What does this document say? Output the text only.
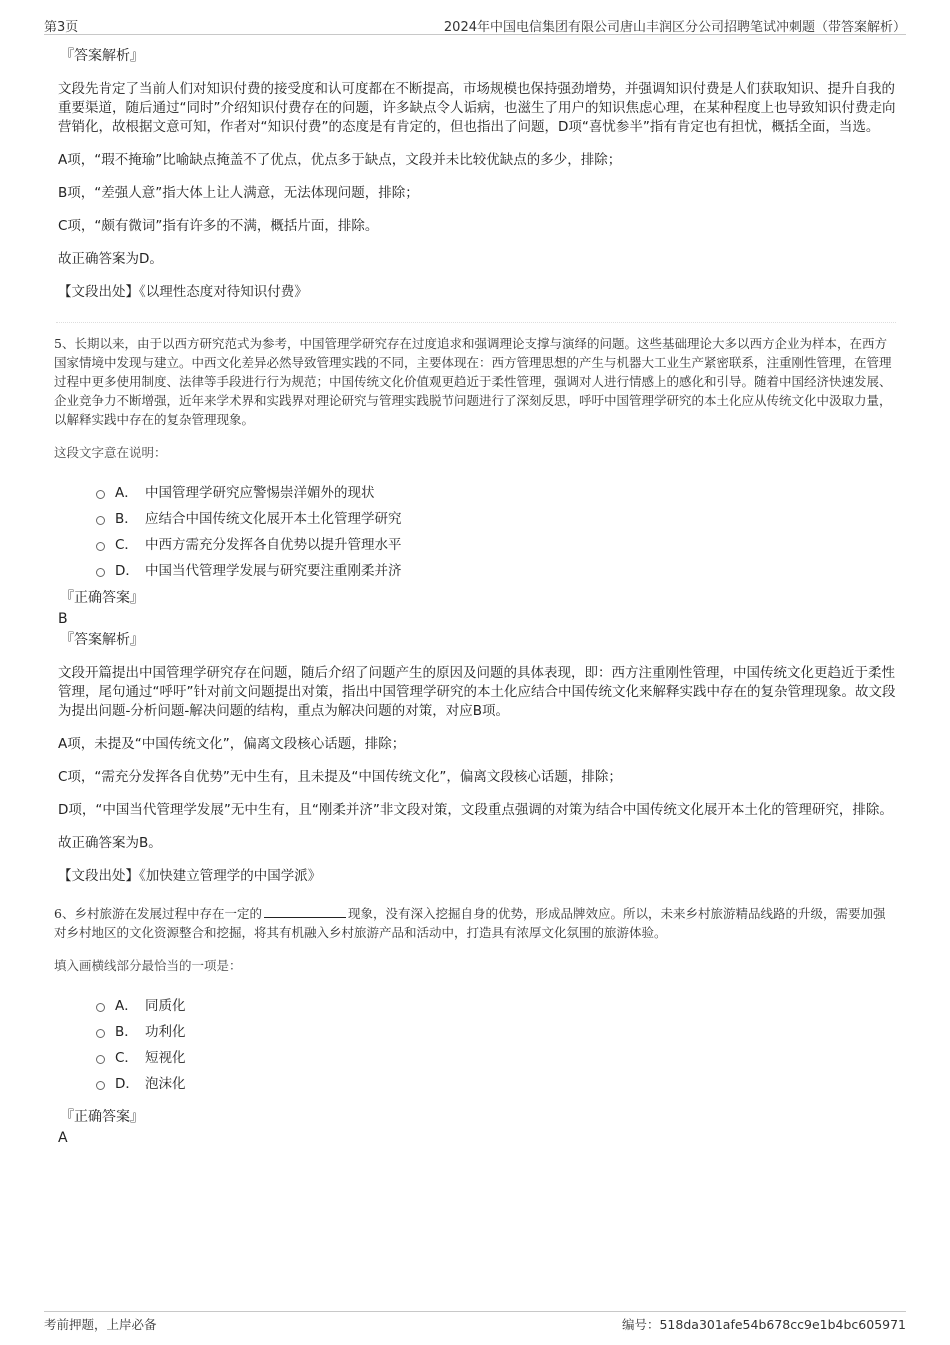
第3页	2024年中国电信集团有限公司唐山丰润区分公司招聘笔试冲刺题（带答案解析）
『答案解析』
文段先肯定了当前人们对知识付费的接受度和认可度都在不断提高，市场规模也保持强劲增势，并强调知识付费是人们获取知识、提升自我的重要渠道，随后通过“同时”介绍知识付费存在的问题，许多缺点令人诟病，也滋生了用户的知识焦虑心理，在某种程度上也导致知识付费走向营销化，故根据文意可知，作者对“知识付费”的态度是有肯定的，但也指出了问题，D项“喜忧参半”指有肯定也有担忧，概括全面，当选。
A项，“瑕不掩瑜”比喻缺点掩盖不了优点，优点多于缺点，文段并未比较优缺点的多少，排除；
B项，“差强人意”指大体上让人满意，无法体现问题，排除；
C项，“颇有微词”指有许多的不满，概括片面，排除。
故正确答案为D。
【文段出处】《以理性态度对待知识付费》
5、长期以来，由于以西方研究范式为参考，中国管理学研究存在过度追求和强调理论支撑与演绎的问题。这些基础理论大多以西方企业为样本，在西方国家情境中发现与建立。中西文化差异必然导致管理实践的不同，主要体现在：西方管理思想的产生与机器大工业生产紧密联系，注重刚性管理，在管理过程中更多使用制度、法律等手段进行行为规范；中国传统文化价值观更趋近于柔性管理，强调对人进行情感上的感化和引导。随着中国经济快速发展、企业竞争力不断增强，近年来学术界和实践界对理论研究与管理实践脱节问题进行了深刻反思，呼吁中国管理学研究的本土化应从传统文化中汲取力量，以解释实践中存在的复杂管理现象。
这段文字意在说明：
A． 中国管理学研究应警惕崇洋媚外的现状
B． 应结合中国传统文化展开本土化管理学研究
C． 中西方需充分发挥各自优势以提升管理水平
D． 中国当代管理学发展与研究要注重刚柔并济
『正确答案』
B
『答案解析』
文段开篇提出中国管理学研究存在问题，随后介绍了问题产生的原因及问题的具体表现，即：西方注重刚性管理，中国传统文化更趋近于柔性管理，尾句通过“呼吁”针对前文问题提出对策，指出中国管理学研究的本土化应结合中国传统文化来解释实践中存在的复杂管理现象。故文段为提出问题-分析问题-解决问题的结构，重点为解决问题的对策，对应B项。
A项，未提及“中国传统文化”，偏离文段核心话题，排除；
C项，“需充分发挥各自优势”无中生有，且未提及“中国传统文化”，偏离文段核心话题，排除；
D项，“中国当代管理学发展”无中生有，且“刚柔并济”非文段对策，文段重点强调的对策为结合中国传统文化展开本土化的管理研究，排除。
故正确答案为B。
【文段出处】《加快建立管理学的中国学派》
6、乡村旅游在发展过程中存在一定的	现象，没有深入挖掘自身的优势，形成品牌效应。所以，未来乡村旅游精品线路的升级，需要加强对乡村地区的文化资源整合和挖掘，将其有机融入乡村旅游产品和活动中，打造具有浓厚文化氛围的旅游体验。
填入画横线部分最恰当的一项是：
A． 同质化
B． 功利化
C． 短视化
D． 泡沫化
『正确答案』
A
考前押题，上岸必备	编号：518da301afe54b678cc9e1b4bc605971
